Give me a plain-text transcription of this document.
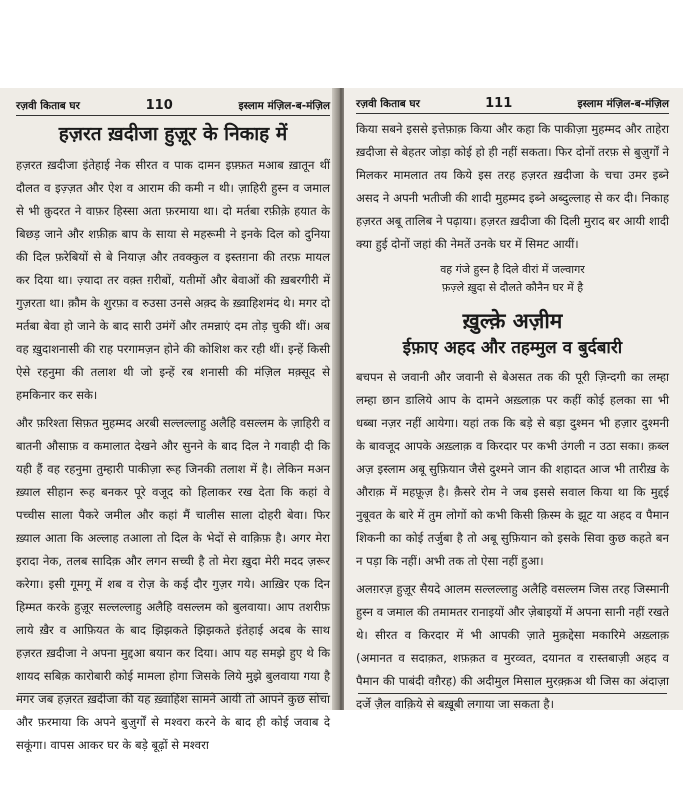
रज़वी किताब घर	110	इस्लाम मंज़िल-ब-मंज़िल
हज़रत ख़दीजा हुज़ूर के निकाह में

हज़रत ख़दीजा इंतेहाई नेक सीरत व पाक दामन इफ़्फ़त मआब ख़ातून थीं दौलत व इज़्ज़त और ऐश व आराम की कमी न थी। ज़ाहिरी हुस्न व जमाल से भी क़ुदरत ने वाफ़र हिस्सा अता फ़रमाया था। दो मर्तबा रफ़ीक़े हयात के बिछड़ जाने और शफ़ीक़ बाप के साया से महरूमी ने इनके दिल को दुनिया की दिल फ़रेबियों से बे नियाज़ और तवक्कुल व इस्तग़ना की तरफ़ मायल कर दिया था। ज़्यादा तर वक़्त ग़रीबों, यतीमों और बेवाओं की ख़बरगीरी में गुज़रता था। क़ौम के शुरफ़ा व रुउसा उनसे अक़्द के ख़्वाहिशमंद थे। मगर दो मर्तबा बेवा हो जाने के बाद सारी उमंगें और तमन्नाएं दम तोड़ चुकी थीं। अब वह ख़ुदाशनासी की राह परगामज़न होने की कोशिश कर रही थीं। इन्हें किसी ऐसे रहनुमा की तलाश थी जो इन्हें रब शनासी की मंज़िल मक़्सूद से हमकिनार कर सके।

और फ़रिश्ता सिफ़त मुहम्मद अरबी सल्लल्लाहु अलैहि वसल्लम के ज़ाहिरी व बातनी औसाफ़ व कमालात देखने और सुनने के बाद दिल ने गवाही दी कि यही हैं वह रहनुमा तुम्हारी पाकीज़ा रूह जिनकी तलाश में है। लेकिन मअन ख़्याल सीहान रूह बनकर पूरे वजूद को हिलाकर रख देता कि कहां वे पच्चीस साला पैकरे जमील और कहां मैं चालीस साला दोहरी बेवा। फिर ख़्याल आता कि अल्लाह तआला तो दिल के भेदों से वाक़िफ़ है। अगर मेरा इरादा नेक, तलब सादिक़ और लगन सच्ची है तो मेरा ख़ुदा मेरी मदद ज़रूर करेगा। इसी गूमगू में शब व रोज़ के कई दौर गुज़र गये। आख़िर एक दिन हिम्मत करके हुज़ूर सल्लल्लाहु अलैहि वसल्लम को बुलवाया। आप तशरीफ़ लाये ख़ैर व आफ़ियत के बाद झिझकते झिझकते इंतेहाई अदब के साथ हज़रत ख़दीजा ने अपना मुद्दआ बयान कर दिया। आप यह समझे हुए थे कि शायद सबिक़ कारोबारी कोई मामला होगा जिसके लिये मुझे बुलवाया गया है मगर जब हज़रत ख़दीजा की यह ख़्वाहिश सामने आयी तो आपने कुछ सोचा और फ़रमाया कि अपने बुज़ुर्गों से मश्वरा करने के बाद ही कोई जवाब दे सकूंगा। वापस आकर घर के बड़े बूढ़ों से मश्वरा

रज़वी किताब घर	111	इस्लाम मंज़िल-ब-मंज़िल

किया सबने इससे इत्तेफ़ाक़ किया और कहा कि पाकीज़ा मुहम्मद और ताहेरा ख़दीजा से बेहतर जोड़ा कोई हो ही नहीं सकता। फिर दोनों तरफ़ से बुज़ुर्गों ने मिलकर मामलात तय किये इस तरह हज़रत ख़दीजा के चचा उमर इब्ने असद ने अपनी भतीजी की शादी मुहम्मद इब्ने अब्दुल्लाह से कर दी। निकाह हज़रत अबू तालिब ने पढ़ाया। हज़रत ख़दीजा की दिली मुराद बर आयी शादी क्या हुई दोनों जहां की नेमतें उनके घर में सिमट आयीं।

वह गंजे हुस्न है दिले वीरां में जल्वागर
फ़ज़्ले ख़ुदा से दौलते कौनैन घर में है
ख़ुल्क़े अज़ीम
ईफ़ाए अहद और तहम्मुल व बुर्दबारी

बचपन से जवानी और जवानी से बेअसत तक की पूरी ज़िन्दगी का लम्हा लम्हा छान डालिये आप के दामने अख़्लाक़ पर कहीं कोई हलका सा भी धब्बा नज़र नहीं आयेगा। यहां तक कि बड़े से बड़ा दुश्मन भी हज़ार दुश्मनी के बावजूद आपके अख़्लाक़ व किरदार पर कभी उंगली न उठा सका। क़ब्ल अज़ इस्लाम अबू सुफ़ियान जैसे दुश्मने जान की शहादत आज भी तारीख़ के औराक़ में महफ़ूज़ है। क़ैसरे रोम ने जब इससे सवाल किया था कि मुद्दई नुबूवत के बारे में तुम लोगों को कभी किसी क़िस्म के झूट या अहद व पैमान शिकनी का कोई तर्जुबा है तो अबू सुफ़ियान को इसके सिवा कुछ कहते बन न पड़ा कि नहीं। अभी तक तो ऐसा नहीं हुआ।

अलग़रज़ हुज़ूर सैयदे आलम सल्लल्लाहु अलैहि वसल्लम जिस तरह जिस्मानी हुस्न व जमाल की तमामतर रानाइयों और ज़ेबाइयों में अपना सानी नहीं रखते थे। सीरत व किरदार में भी आपकी ज़ाते मुक़द्देसा मकारिमे अख़्लाक़ (अमानत व सदाक़त, शफ़क़त व मुरव्वत, दयानत व रास्तबाज़ी अहद व पैमान की पाबंदी वग़ैरह) की अदीमुल मिसाल मुरक़्क़अ थी जिस का अंदाज़ा दर्जे ज़ैल वाक़िये से बख़ूबी लगाया जा सकता है।
